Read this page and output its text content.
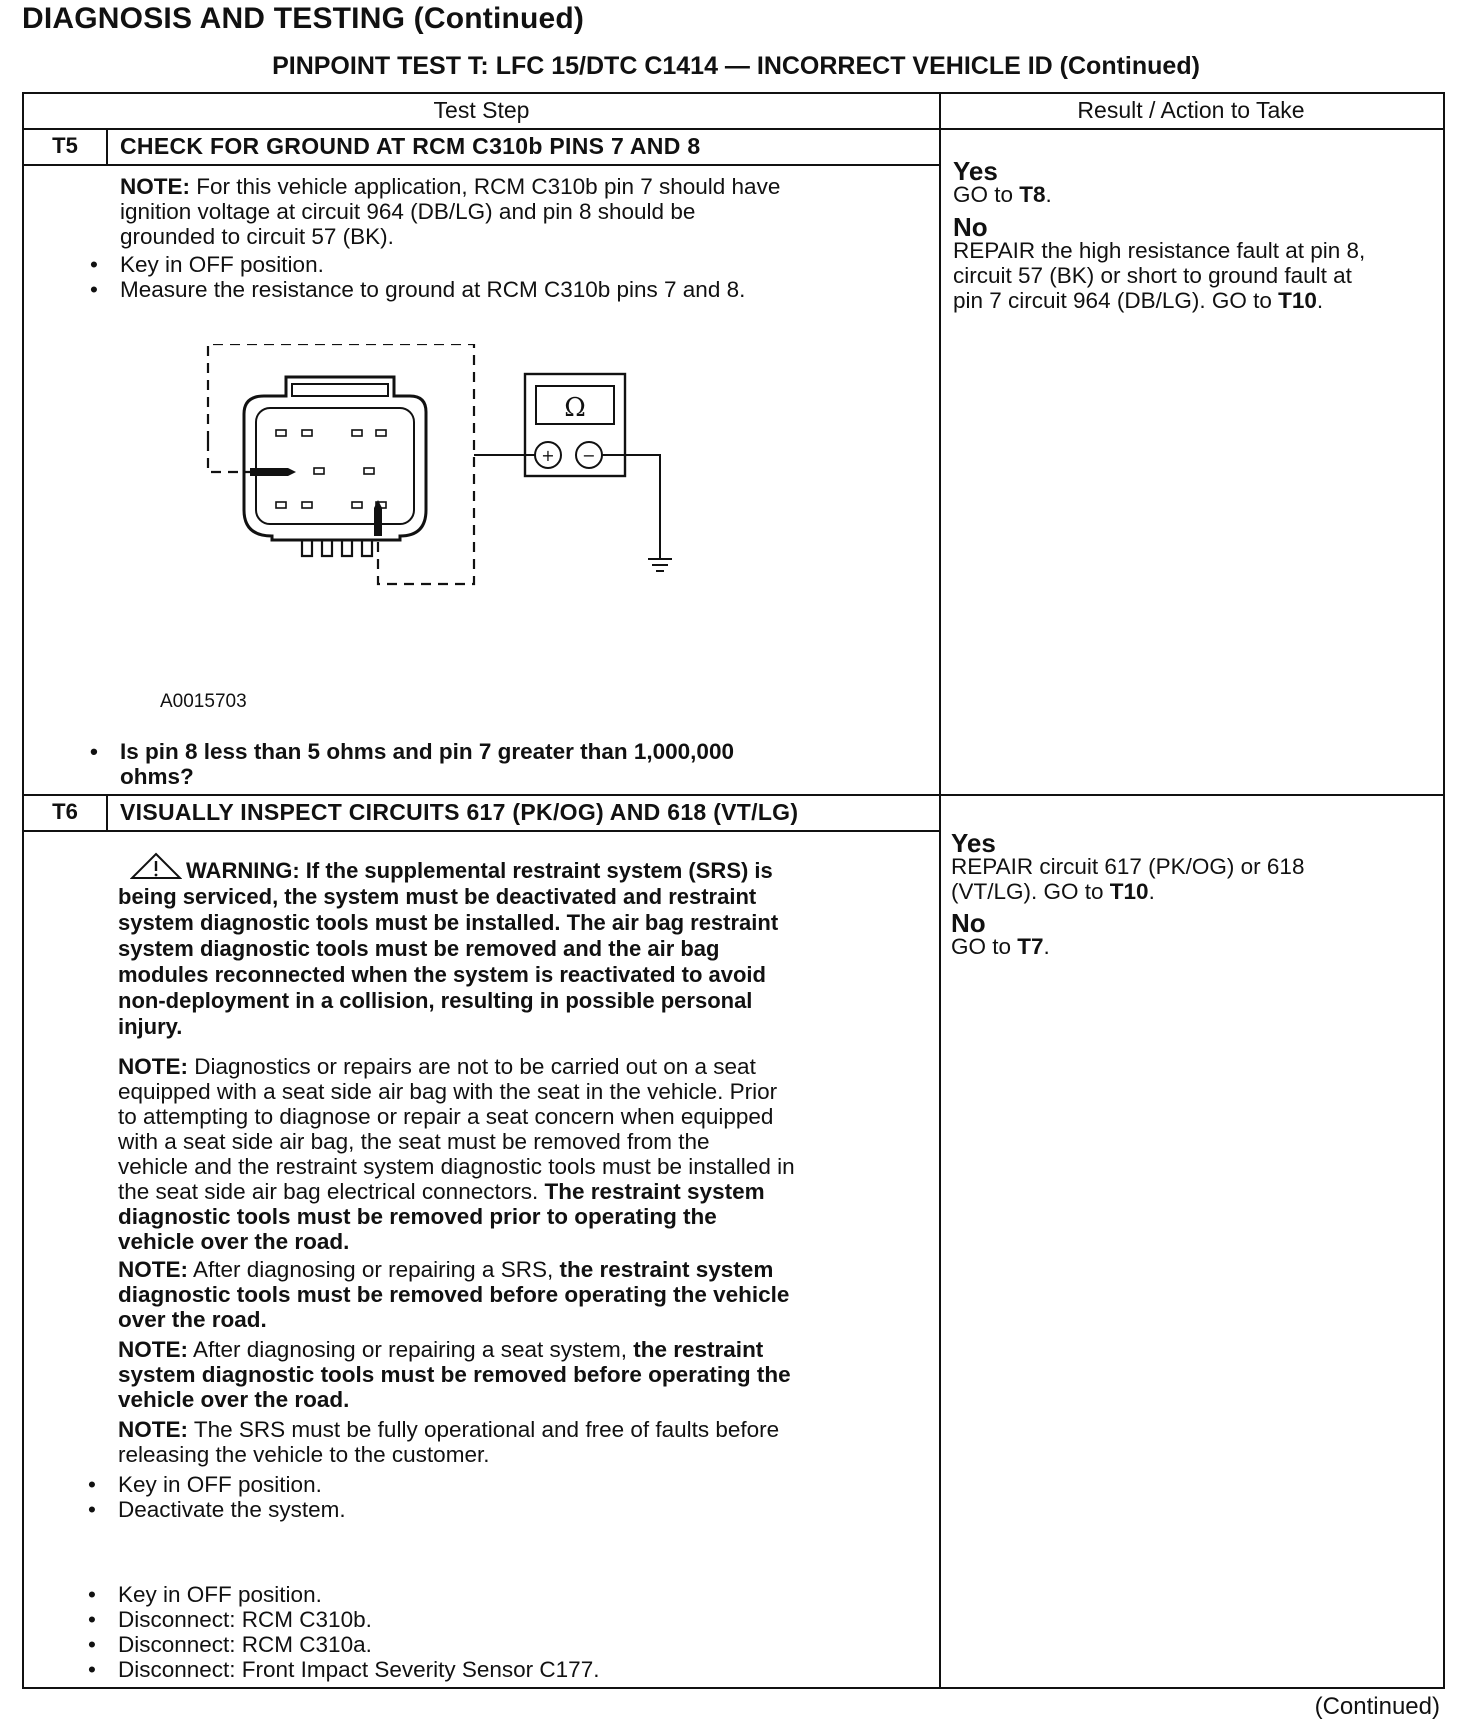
DIAGNOSIS AND TESTING (Continued)
PINPOINT TEST T: LFC 15/DTC C1414 — INCORRECT VEHICLE ID (Continued)
Test Step	Result / Action to Take
T5	CHECK FOR GROUND AT RCM C310b PINS 7 AND 8
NOTE: For this vehicle application, RCM C310b pin 7 should have
ignition voltage at circuit 964 (DB/LG) and pin 8 should be
grounded to circuit 57 (BK).
• Key in OFF position.
• Measure the resistance to ground at RCM C310b pins 7 and 8.
Ω
+ −
A0015703
• Is pin 8 less than 5 ohms and pin 7 greater than 1,000,000
ohms?
Yes
GO to T8.
No
REPAIR the high resistance fault at pin 8,
circuit 57 (BK) or short to ground fault at
pin 7 circuit 964 (DB/LG). GO to T10.
T6	VISUALLY INSPECT CIRCUITS 617 (PK/OG) AND 618 (VT/LG)
WARNING: If the supplemental restraint system (SRS) is
being serviced, the system must be deactivated and restraint
system diagnostic tools must be installed. The air bag restraint
system diagnostic tools must be removed and the air bag
modules reconnected when the system is reactivated to avoid
non-deployment in a collision, resulting in possible personal
injury.
NOTE: Diagnostics or repairs are not to be carried out on a seat
equipped with a seat side air bag with the seat in the vehicle. Prior
to attempting to diagnose or repair a seat concern when equipped
with a seat side air bag, the seat must be removed from the
vehicle and the restraint system diagnostic tools must be installed in
the seat side air bag electrical connectors. The restraint system
diagnostic tools must be removed prior to operating the
vehicle over the road.
NOTE: After diagnosing or repairing a SRS, the restraint system
diagnostic tools must be removed before operating the vehicle
over the road.
NOTE: After diagnosing or repairing a seat system, the restraint
system diagnostic tools must be removed before operating the
vehicle over the road.
NOTE: The SRS must be fully operational and free of faults before
releasing the vehicle to the customer.
• Key in OFF position.
• Deactivate the system.
• Key in OFF position.
• Disconnect: RCM C310b.
• Disconnect: RCM C310a.
• Disconnect: Front Impact Severity Sensor C177.
Yes
REPAIR circuit 617 (PK/OG) or 618
(VT/LG). GO to T10.
No
GO to T7.
(Continued)
